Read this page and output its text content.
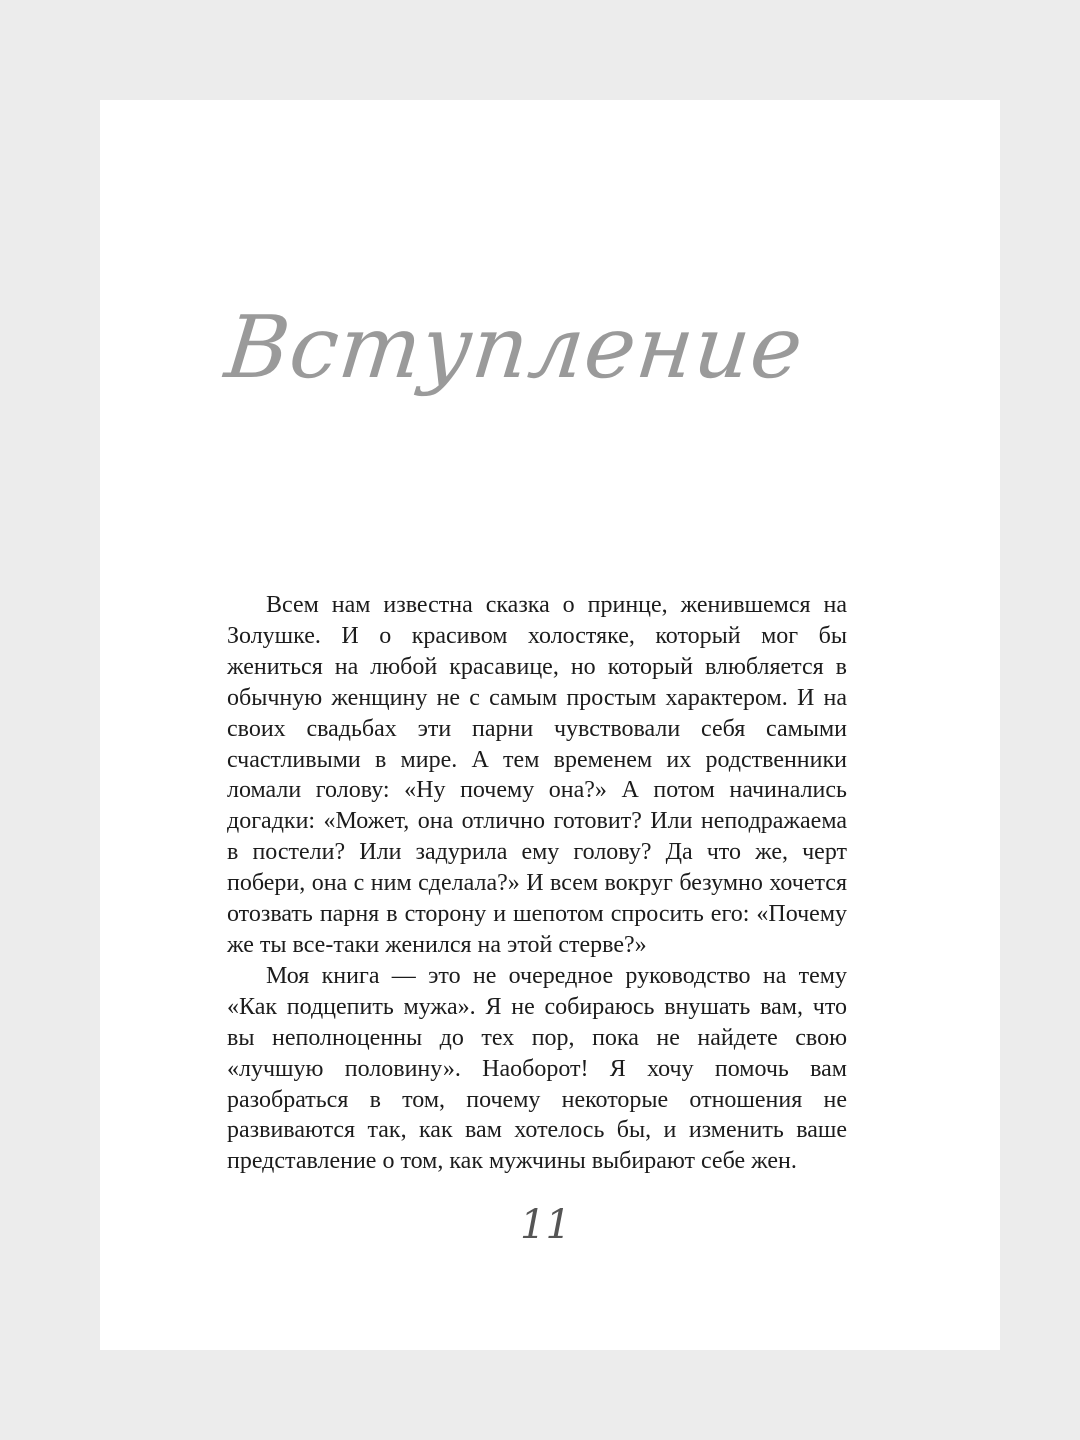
Вступление

Всем нам известна сказка о принце, женившемся на Золушке. И о красивом холостяке, который мог бы жениться на любой красавице, но который влюбляется в обычную женщину не с самым простым характером. И на своих свадьбах эти парни чувствовали себя самыми счастливыми в мире. А тем временем их родственники ломали голову: «Ну почему она?» А потом начинались догадки: «Может, она отлично готовит? Или неподражаема в постели? Или задурила ему голову? Да что же, черт побери, она с ним сделала?» И всем вокруг безумно хочется отозвать парня в сторону и шепотом спросить его: «Почему же ты все-таки женился на этой стерве?»

Моя книга — это не очередное руководство на тему «Как подцепить мужа». Я не собираюсь внушать вам, что вы неполноценны до тех пор, пока не найдете свою «лучшую половину». Наоборот! Я хочу помочь вам разобраться в том, почему некоторые отношения не развиваются так, как вам хотелось бы, и изменить ваше представление о том, как мужчины выбирают себе жен.

11
